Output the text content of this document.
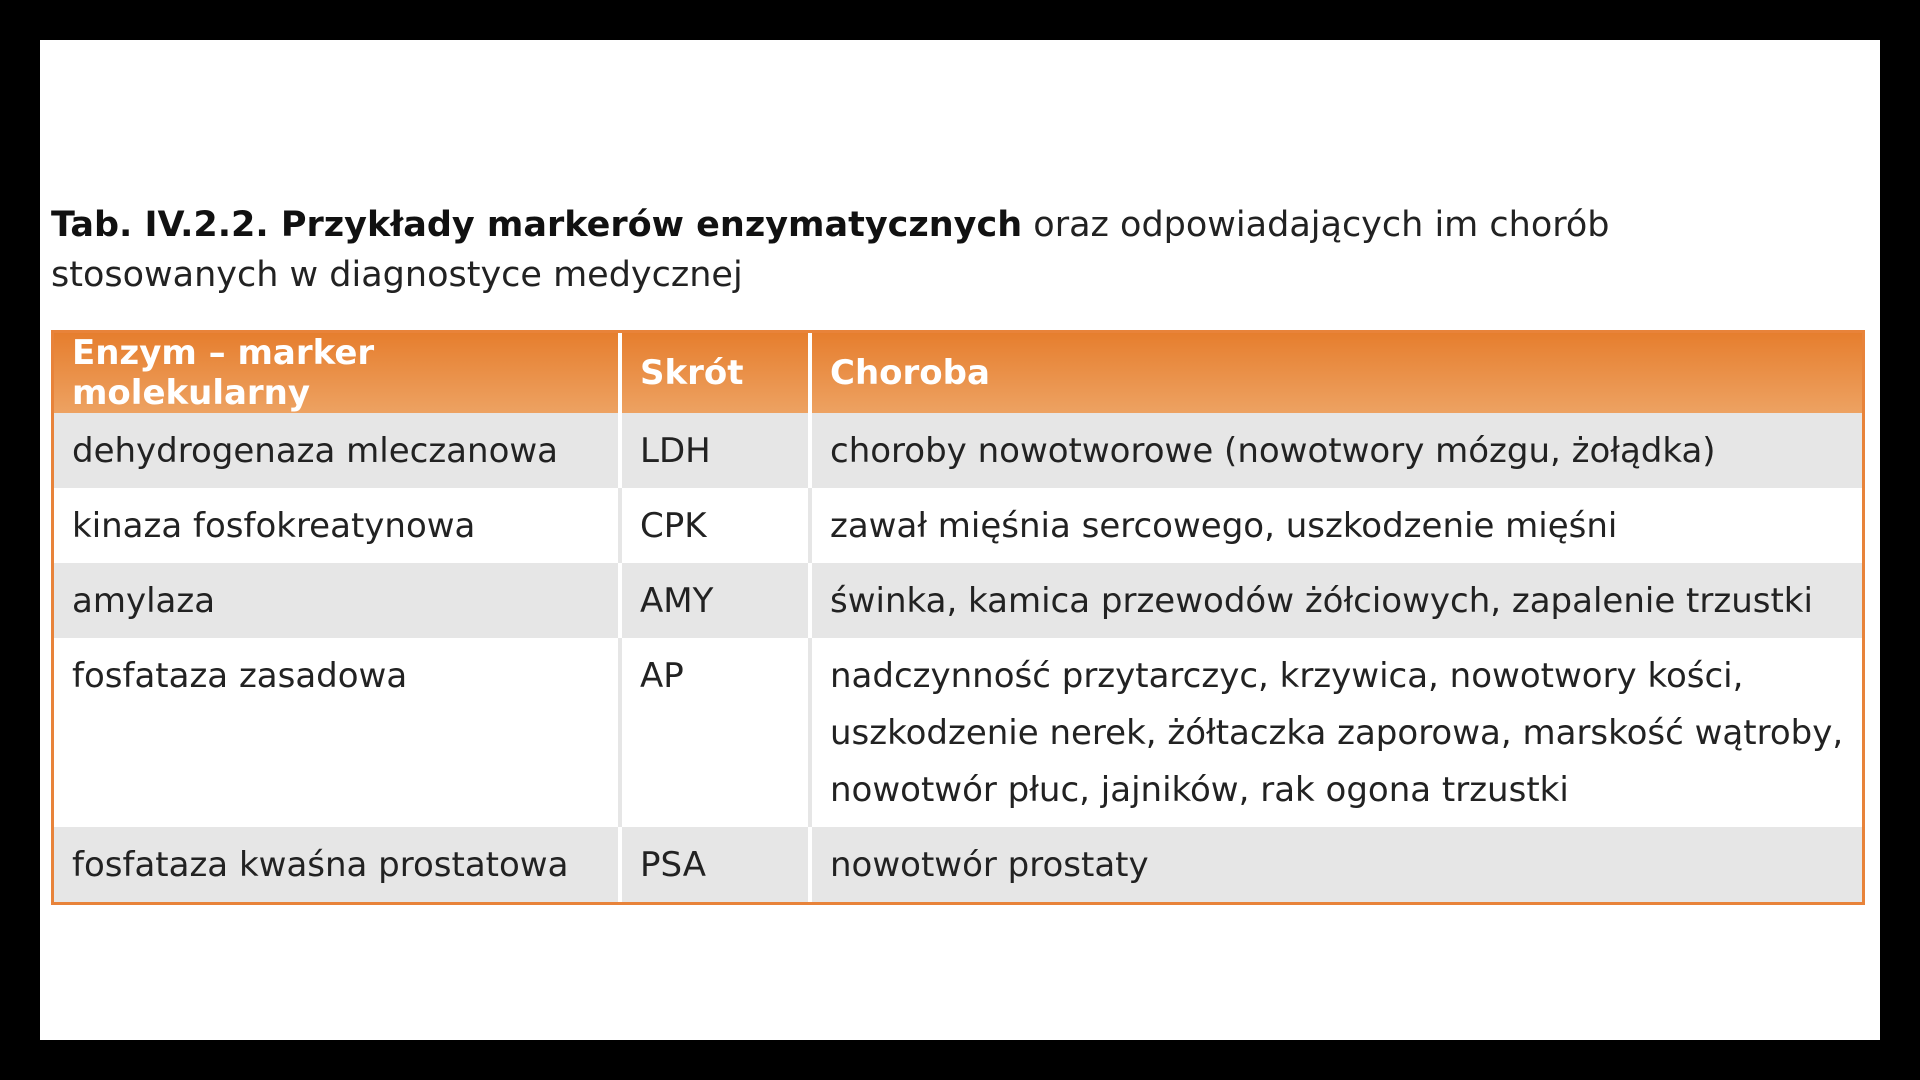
Tab. IV.2.2. Przykłady markerów enzymatycznych oraz odpowiadających im chorób stosowanych w diagnostyce medycznej
Enzym – marker molekularny	Skrót	Choroba
dehydrogenaza mleczanowa	LDH	choroby nowotworowe (nowotwory mózgu, żołądka)
kinaza fosfokreatynowa	CPK	zawał mięśnia sercowego, uszkodzenie mięśni
amylaza	AMY	świnka, kamica przewodów żółciowych, zapalenie trzustki
fosfataza zasadowa	AP	nadczynność przytarczyc, krzywica, nowotwory kości, uszkodzenie nerek, żółtaczka zaporowa, marskość wątroby, nowotwór płuc, jajników, rak ogona trzustki
fosfataza kwaśna prostatowa	PSA	nowotwór prostaty
